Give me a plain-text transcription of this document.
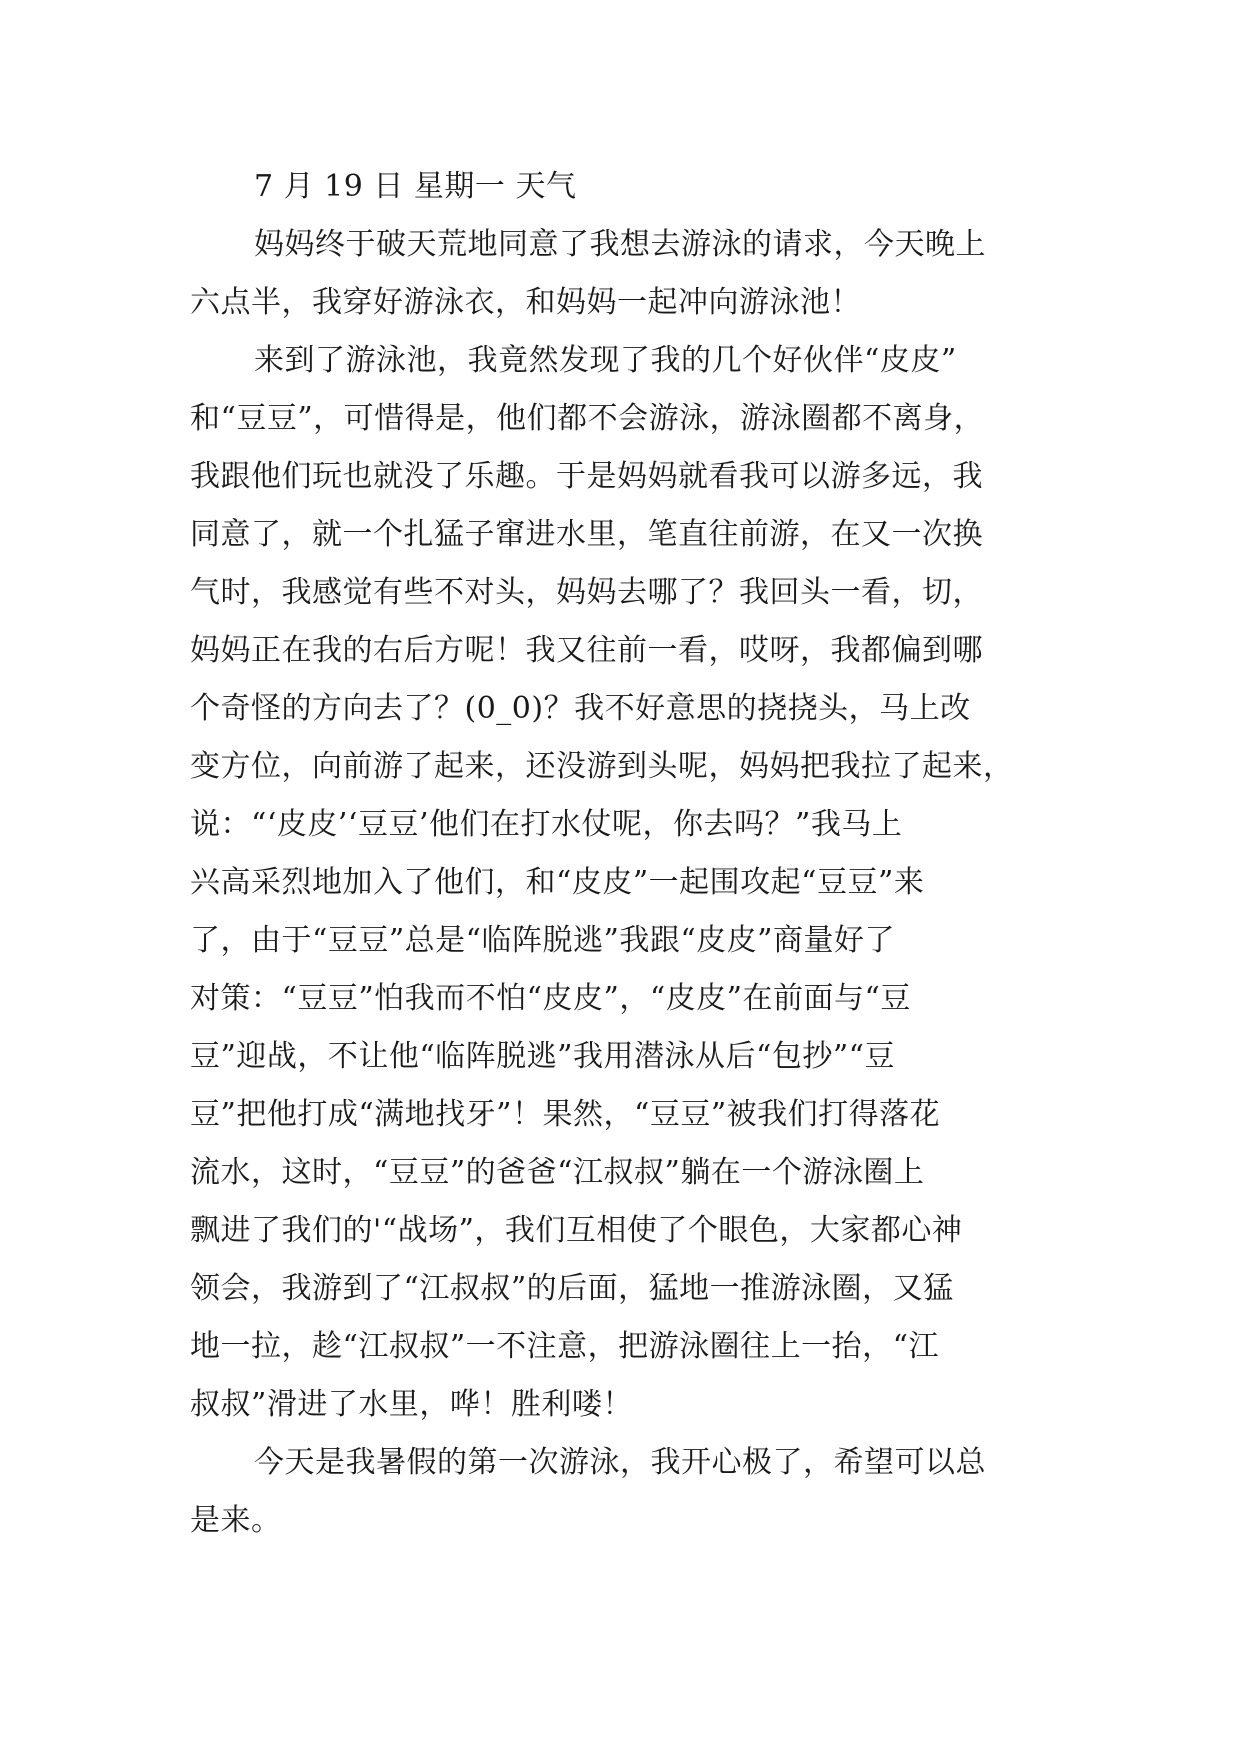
7 月 19 日 星期一 天气
妈妈终于破天荒地同意了我想去游泳的请求，今天晚上
六点半，我穿好游泳衣，和妈妈一起冲向游泳池！
来到了游泳池，我竟然发现了我的几个好伙伴“皮皮”
和“豆豆”，可惜得是，他们都不会游泳，游泳圈都不离身，
我跟他们玩也就没了乐趣。于是妈妈就看我可以游多远，我
同意了，就一个扎猛子窜进水里，笔直往前游，在又一次换
气时，我感觉有些不对头，妈妈去哪了？我回头一看，切，
妈妈正在我的右后方呢！我又往前一看，哎呀，我都偏到哪
个奇怪的方向去了？(0_0)？我不好意思的挠挠头，马上改
变方位，向前游了起来，还没游到头呢，妈妈把我拉了起来，
说：“‘皮皮’‘豆豆’他们在打水仗呢，你去吗？”我马上
兴高采烈地加入了他们，和“皮皮”一起围攻起“豆豆”来
了，由于“豆豆”总是“临阵脱逃”我跟“皮皮”商量好了
对策：“豆豆”怕我而不怕“皮皮”，“皮皮”在前面与“豆
豆”迎战，不让他“临阵脱逃”我用潜泳从后“包抄”“豆
豆”把他打成“满地找牙”！果然，“豆豆”被我们打得落花
流水，这时，“豆豆”的爸爸“江叔叔”躺在一个游泳圈上
飘进了我们的'“战场”，我们互相使了个眼色，大家都心神
领会，我游到了“江叔叔”的后面，猛地一推游泳圈，又猛
地一拉，趁“江叔叔”一不注意，把游泳圈往上一抬，“江
叔叔”滑进了水里，哗！胜利喽！
今天是我暑假的第一次游泳，我开心极了，希望可以总
是来。
